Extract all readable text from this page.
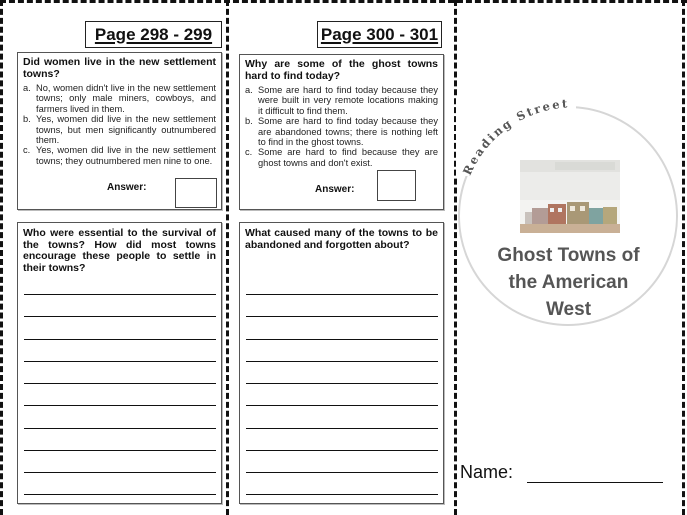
Page 298 - 299
Did women live in the new settlement towns?
a. No, women didn't live in the new settlement towns; only male miners, cowboys, and farmers lived in them.
b. Yes, women did live in the new settlement towns, but men significantly outnumbered them.
c. Yes, women did live in the new settlement towns; they outnumbered men nine to one.
Answer:
Who were essential to the survival of the towns? How did most towns encourage these people to settle in their towns?
Page 300 - 301
Why are some of the ghost towns hard to find today?
a. Some are hard to find today because they were built in very remote locations making it difficult to find them.
b. Some are hard to find today because they are abandoned towns; there is nothing left to find in the ghost towns.
c. Some are hard to find because they are ghost towns and don't exist.
Answer:
What caused many of the towns to be abandoned and forgotten about?
Reading Street
Ghost Towns of
the American
West
Name:
